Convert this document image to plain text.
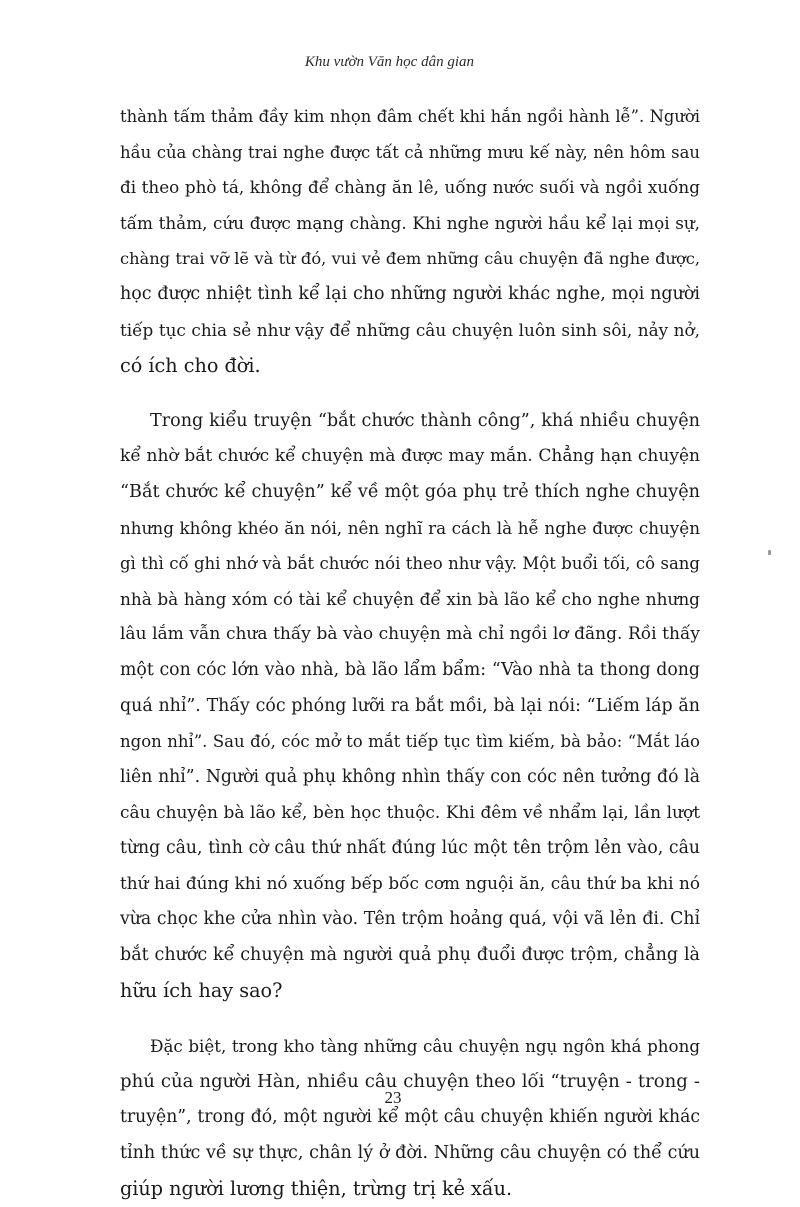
Khu vườn Văn học dân gian
thành tấm thảm đầy kim nhọn đâm chết khi hắn ngồi hành lễ”. Người
hầu của chàng trai nghe được tất cả những mưu kế này, nên hôm sau
đi theo phò tá, không để chàng ăn lê, uống nước suối và ngồi xuống
tấm thảm, cứu được mạng chàng. Khi nghe người hầu kể lại mọi sự,
chàng trai vỡ lẽ và từ đó, vui vẻ đem những câu chuyện đã nghe được,
học được nhiệt tình kể lại cho những người khác nghe, mọi người
tiếp tục chia sẻ như vậy để những câu chuyện luôn sinh sôi, nảy nở,
có ích cho đời.
Trong kiểu truyện “bắt chước thành công”, khá nhiều chuyện
kể nhờ bắt chước kể chuyện mà được may mắn. Chẳng hạn chuyện
“Bắt chước kể chuyện” kể về một góa phụ trẻ thích nghe chuyện
nhưng không khéo ăn nói, nên nghĩ ra cách là hễ nghe được chuyện
gì thì cố ghi nhớ và bắt chước nói theo như vậy. Một buổi tối, cô sang
nhà bà hàng xóm có tài kể chuyện để xin bà lão kể cho nghe nhưng
lâu lắm vẫn chưa thấy bà vào chuyện mà chỉ ngồi lơ đãng. Rồi thấy
một con cóc lớn vào nhà, bà lão lẩm bẩm: “Vào nhà ta thong dong
quá nhỉ”. Thấy cóc phóng lưỡi ra bắt mồi, bà lại nói: “Liếm láp ăn
ngon nhỉ”. Sau đó, cóc mở to mắt tiếp tục tìm kiếm, bà bảo: “Mắt láo
liên nhỉ”. Người quả phụ không nhìn thấy con cóc nên tưởng đó là
câu chuyện bà lão kể, bèn học thuộc. Khi đêm về nhẩm lại, lần lượt
từng câu, tình cờ câu thứ nhất đúng lúc một tên trộm lẻn vào, câu
thứ hai đúng khi nó xuống bếp bốc cơm nguội ăn, câu thứ ba khi nó
vừa chọc khe cửa nhìn vào. Tên trộm hoảng quá, vội vã lẻn đi. Chỉ
bắt chước kể chuyện mà người quả phụ đuổi được trộm, chẳng là
hữu ích hay sao?
Đặc biệt, trong kho tàng những câu chuyện ngụ ngôn khá phong
phú của người Hàn, nhiều câu chuyện theo lối “truyện - trong -
truyện”, trong đó, một người kể một câu chuyện khiến người khác
tỉnh thức về sự thực, chân lý ở đời. Những câu chuyện có thể cứu
giúp người lương thiện, trừng trị kẻ xấu.
23
